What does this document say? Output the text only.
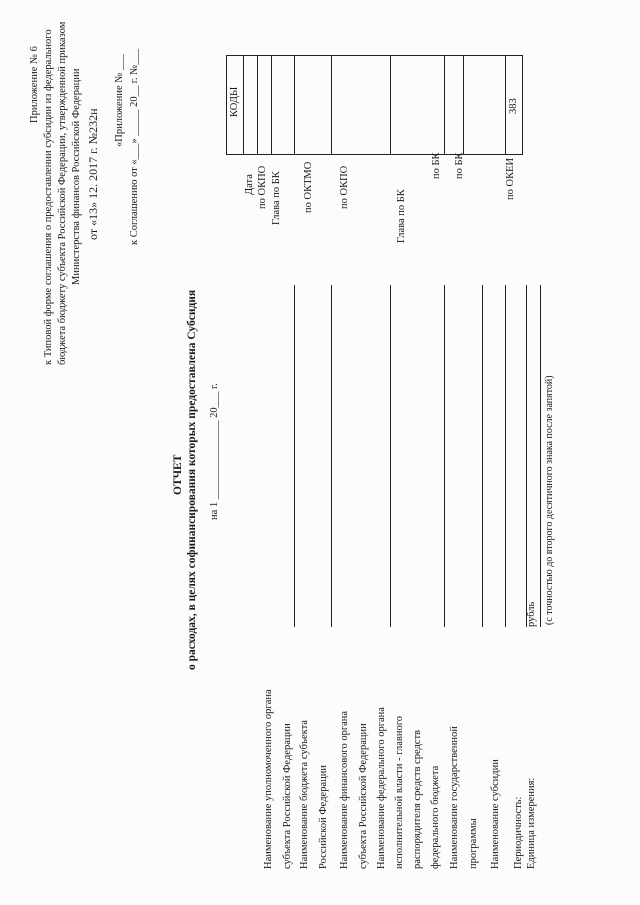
Приложение № 6 к Типовой форме соглашения о предоставлении субсидии из федерального бюджета бюджету субъекта Российской Федерации, утвержденной приказом Министерства финансов Российской Федерации от «13» 12. 2017 г. №232н
«Приложение № ___ к Соглашению от «___» _____ 20__ г. №___
ОТЧЕТ о расходах, в целях софинансирования которых предоставлена Субсидия на 1 _______________ 20___ г.
Наименование уполномоченного органа субъекта Российской Федерации Наименование бюджета субъекта Российской Федерации Наименование финансового органа субъекта Российской Федерации Наименование федерального органа исполнительной власти - главного распорядителя средств средств федерального бюджета Наименование государственной программы Наименование субсидии Периодичность: Единица измерения:
рубль (с точностью до второго десятичного знака после запятой)
Дата по ОКПО Глава по БК по ОКТМО по ОКПО
Глава по БК
по БК по БК	по ОКЕИ
КОДЫ	383
